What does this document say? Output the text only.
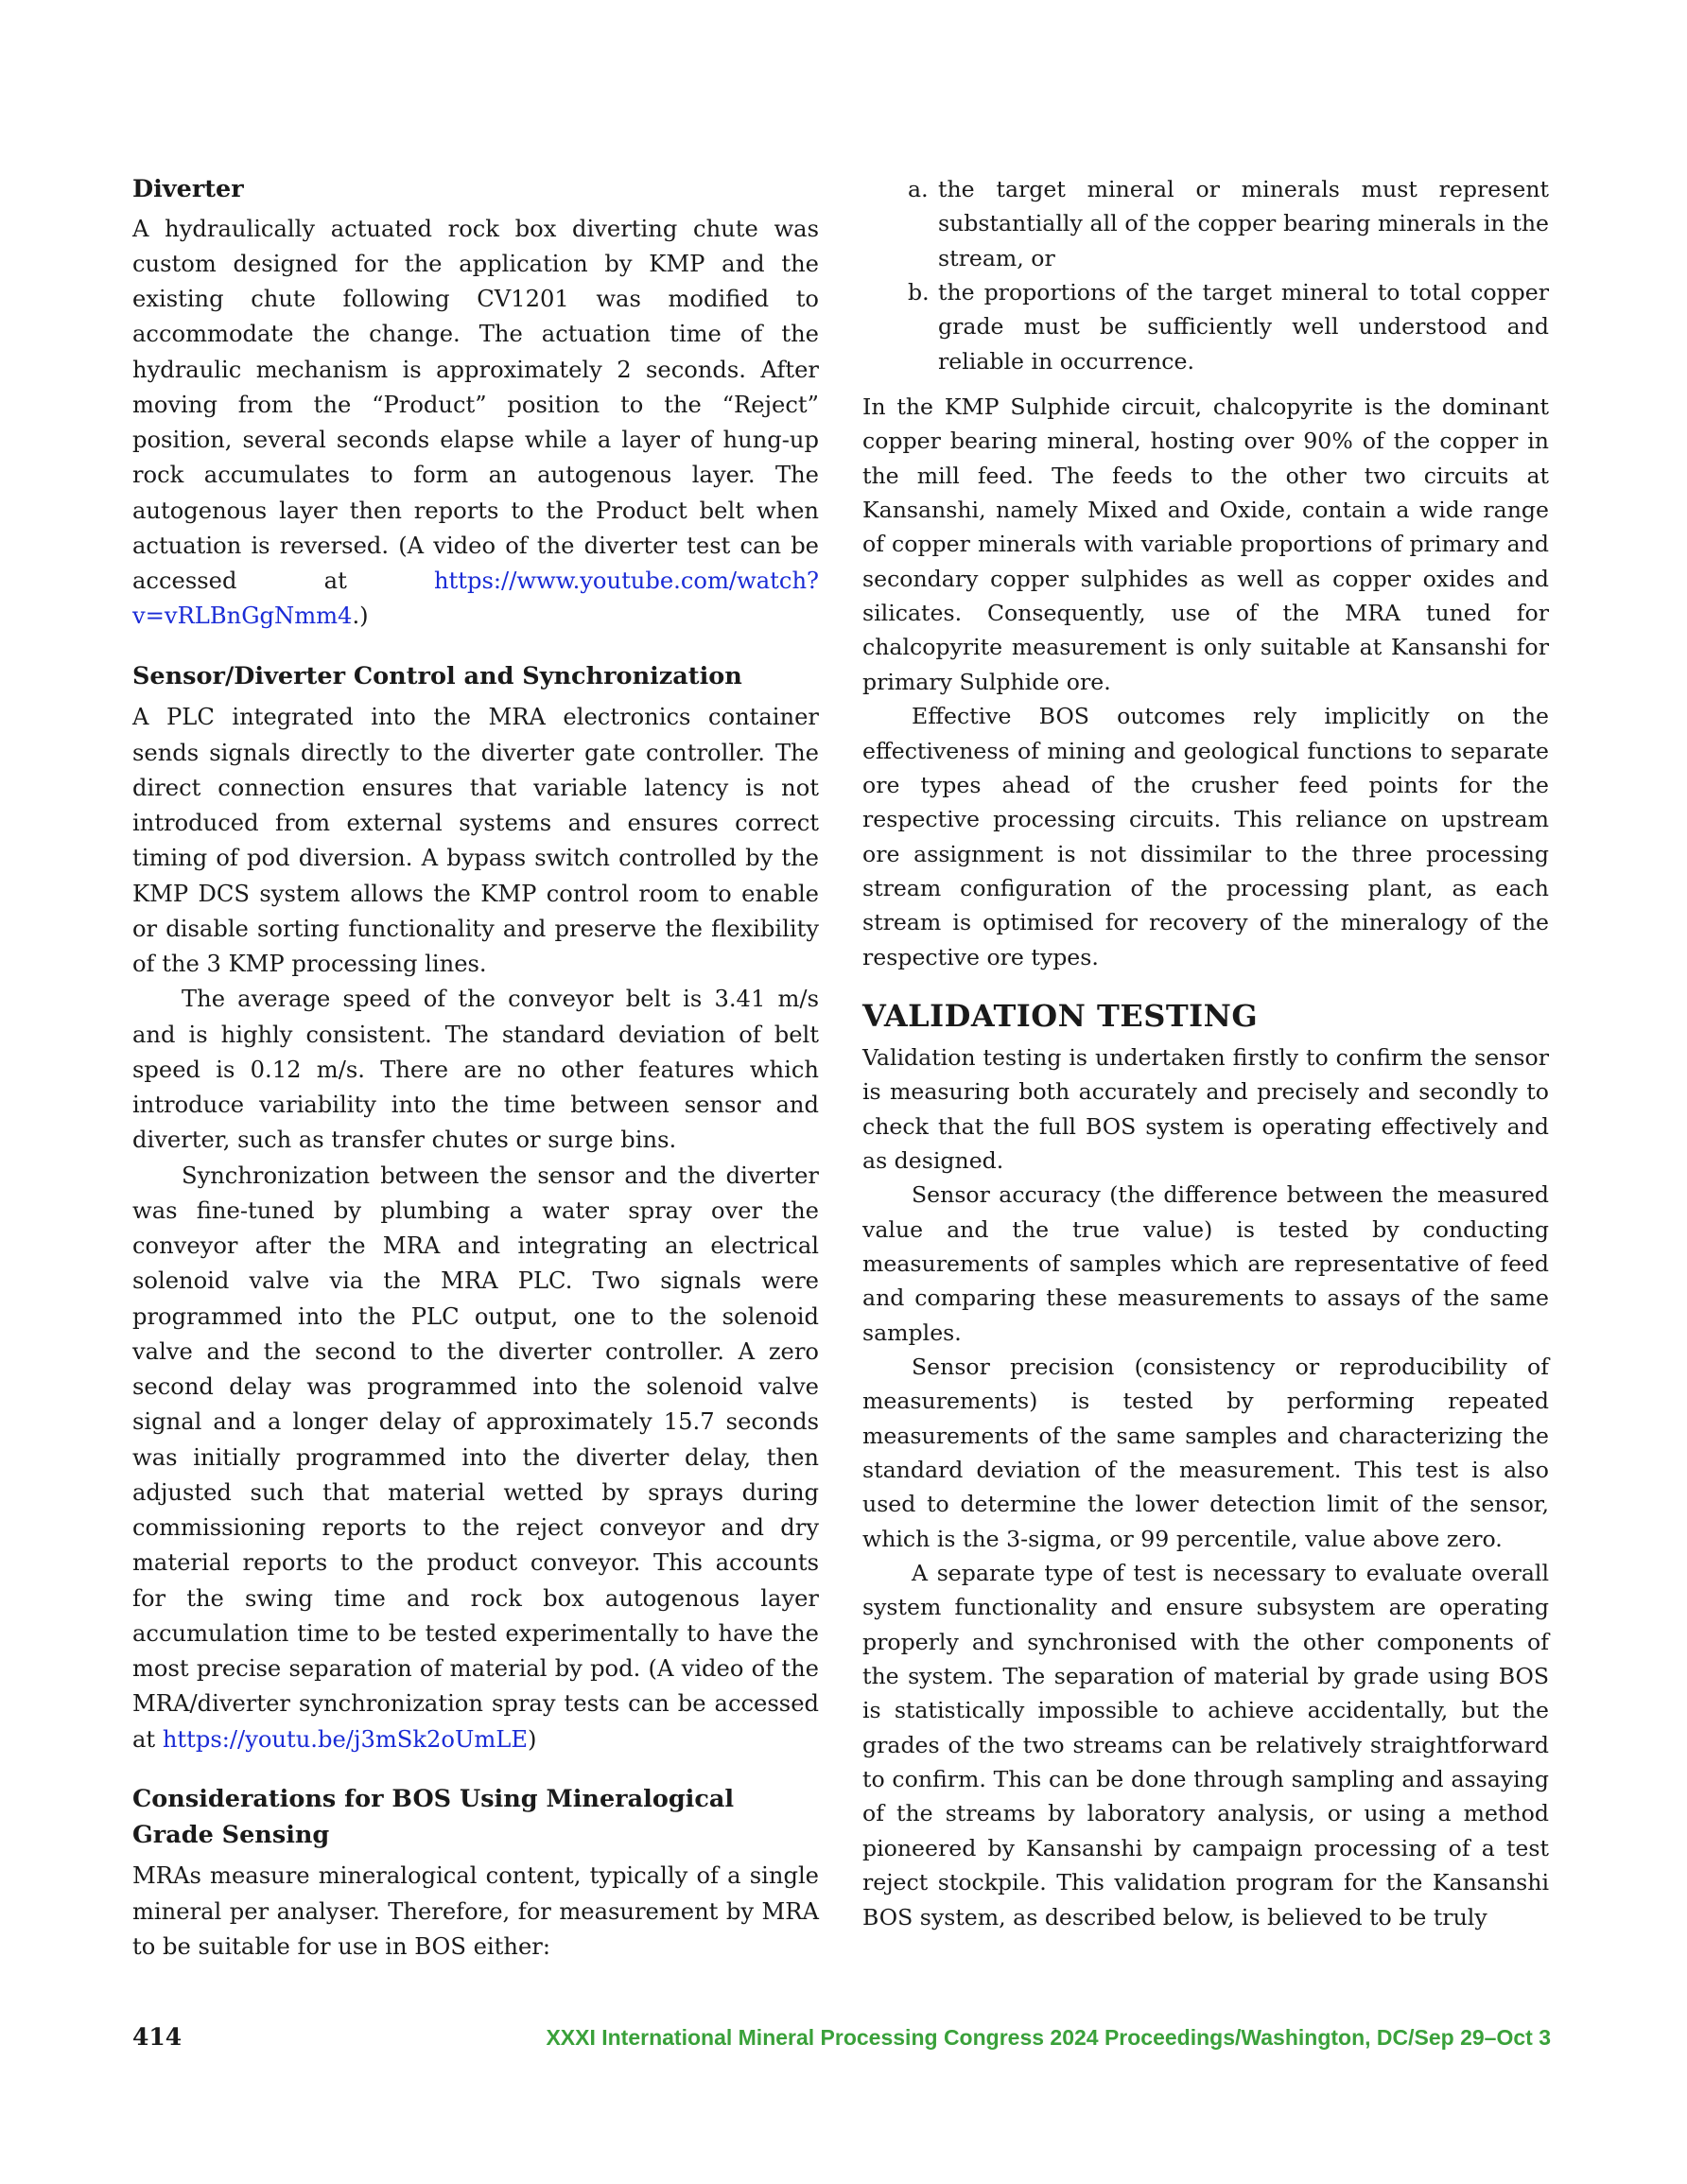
Diverter

A hydraulically actuated rock box diverting chute was custom designed for the application by KMP and the existing chute following CV1201 was modified to accommodate the change. The actuation time of the hydraulic mechanism is approximately 2 seconds. After moving from the “Product” position to the “Reject” position, several seconds elapse while a layer of hung-up rock accumulates to form an autogenous layer. The autogenous layer then reports to the Product belt when actuation is reversed. (A video of the diverter test can be accessed at https://www.youtube.com/watch?v=vRLBnGgNmm4.)

Sensor/Diverter Control and Synchronization

A PLC integrated into the MRA electronics container sends signals directly to the diverter gate controller. The direct connection ensures that variable latency is not introduced from external systems and ensures correct timing of pod diversion. A bypass switch controlled by the KMP DCS system allows the KMP control room to enable or disable sorting functionality and preserve the flexibility of the 3 KMP processing lines.

The average speed of the conveyor belt is 3.41 m/s and is highly consistent. The standard deviation of belt speed is 0.12 m/s. There are no other features which introduce variability into the time between sensor and diverter, such as transfer chutes or surge bins.

Synchronization between the sensor and the diverter was fine-tuned by plumbing a water spray over the conveyor after the MRA and integrating an electrical solenoid valve via the MRA PLC. Two signals were programmed into the PLC output, one to the solenoid valve and the second to the diverter controller. A zero second delay was programmed into the solenoid valve signal and a longer delay of approximately 15.7 seconds was initially programmed into the diverter delay, then adjusted such that material wetted by sprays during commissioning reports to the reject conveyor and dry material reports to the product conveyor. This accounts for the swing time and rock box autogenous layer accumulation time to be tested experimentally to have the most precise separation of material by pod. (A video of the MRA/diverter synchronization spray tests can be accessed at https://youtu.be/j3mSk2oUmLE)

Considerations for BOS Using Mineralogical
Grade Sensing

MRAs measure mineralogical content, typically of a single mineral per analyser. Therefore, for measurement by MRA to be suitable for use in BOS either:

a. the target mineral or minerals must represent substantially all of the copper bearing minerals in the stream, or
b. the proportions of the target mineral to total copper grade must be sufficiently well understood and reliable in occurrence.

In the KMP Sulphide circuit, chalcopyrite is the dominant copper bearing mineral, hosting over 90% of the copper in the mill feed. The feeds to the other two circuits at Kansanshi, namely Mixed and Oxide, contain a wide range of copper minerals with variable proportions of primary and secondary copper sulphides as well as copper oxides and silicates. Consequently, use of the MRA tuned for chalcopyrite measurement is only suitable at Kansanshi for primary Sulphide ore.

Effective BOS outcomes rely implicitly on the effectiveness of mining and geological functions to separate ore types ahead of the crusher feed points for the respective processing circuits. This reliance on upstream ore assignment is not dissimilar to the three processing stream configuration of the processing plant, as each stream is optimised for recovery of the mineralogy of the respective ore types.

VALIDATION TESTING

Validation testing is undertaken firstly to confirm the sensor is measuring both accurately and precisely and secondly to check that the full BOS system is operating effectively and as designed.

Sensor accuracy (the difference between the measured value and the true value) is tested by conducting measurements of samples which are representative of feed and comparing these measurements to assays of the same samples.

Sensor precision (consistency or reproducibility of measurements) is tested by performing repeated measurements of the same samples and characterizing the standard deviation of the measurement. This test is also used to determine the lower detection limit of the sensor, which is the 3-sigma, or 99 percentile, value above zero.

A separate type of test is necessary to evaluate overall system functionality and ensure subsystem are operating properly and synchronised with the other components of the system. The separation of material by grade using BOS is statistically impossible to achieve accidentally, but the grades of the two streams can be relatively straightforward to confirm. This can be done through sampling and assaying of the streams by laboratory analysis, or using a method pioneered by Kansanshi by campaign processing of a test reject stockpile. This validation program for the Kansanshi BOS system, as described below, is believed to be truly

414	XXXI International Mineral Processing Congress 2024 Proceedings/Washington, DC/Sep 29–Oct 3
